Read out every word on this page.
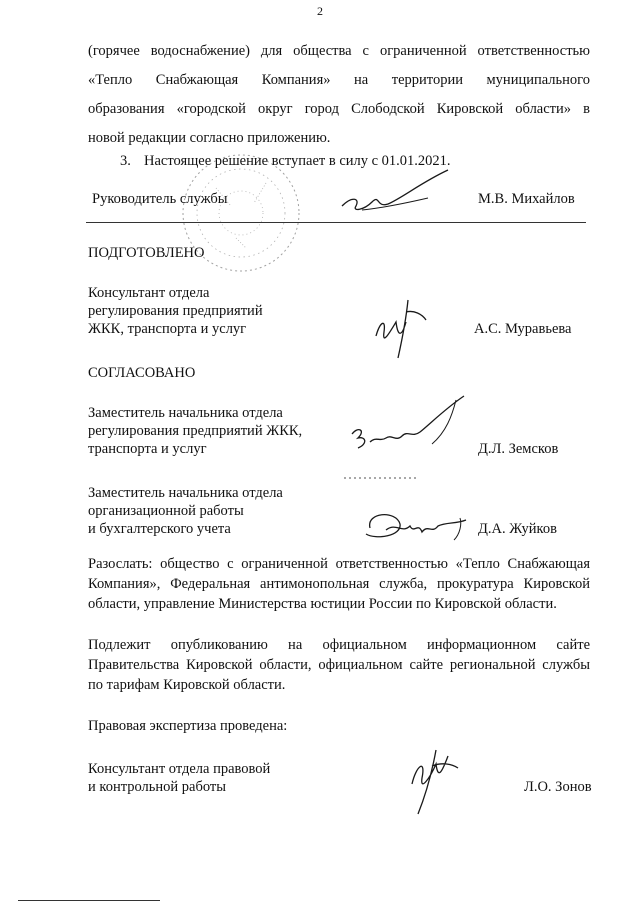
2
(горячее водоснабжение) для общества с ограниченной ответственностью
«Тепло Снабжающая Компания» на территории муниципального
образования «городской округ город Слободской Кировской области» в
новой редакции согласно приложению.
3. Настоящее решение вступает в силу с 01.01.2021.
Руководитель службы	М.В. Михайлов
ПОДГОТОВЛЕНО
Консультант отдела
регулирования предприятий
ЖКК, транспорта и услуг	А.С. Муравьева
СОГЛАСОВАНО
Заместитель начальника отдела
регулирования предприятий ЖКК,
транспорта и услуг	Д.Л. Земсков
Заместитель начальника отдела
организационной работы
и бухгалтерского учета	Д.А. Жуйков
Разослать: общество с ограниченной ответственностью «Тепло Снабжающая
Компания», Федеральная антимонопольная служба, прокуратура Кировской
области, управление Министерства юстиции России по Кировской области.
Подлежит опубликованию на официальном информационном сайте
Правительства Кировской области, официальном сайте региональной службы
по тарифам Кировской области.
Правовая экспертиза проведена:
Консультант отдела правовой
и контрольной работы	Л.О. Зонов
